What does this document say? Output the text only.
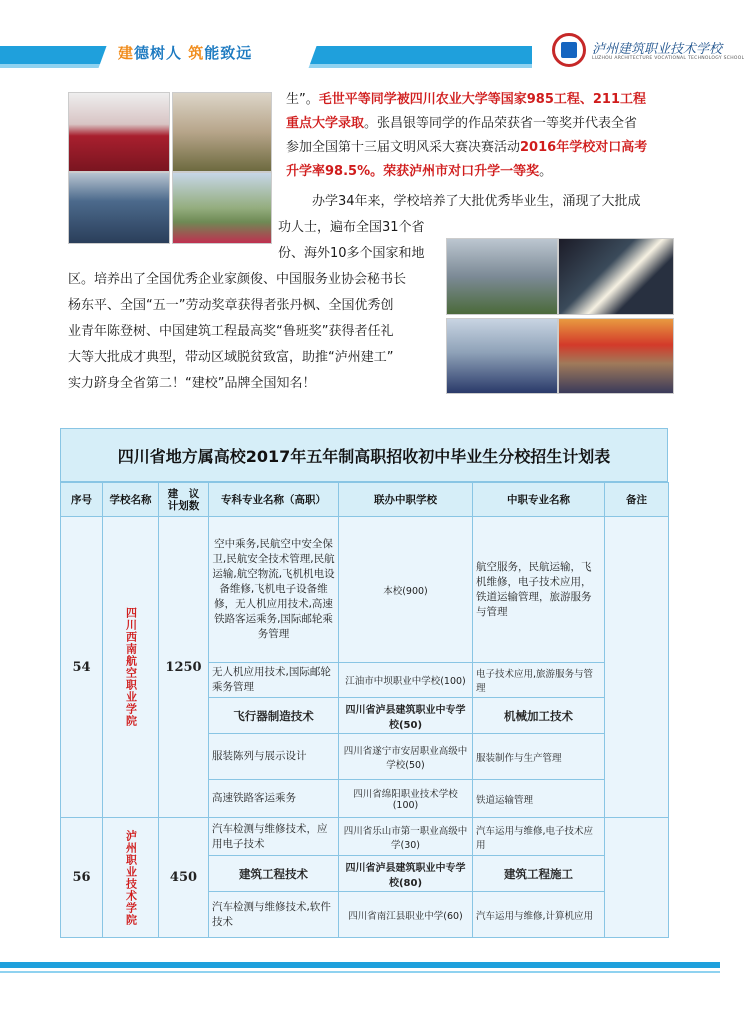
建德树人 筑能致远	泸州建筑职业技术学校
LUZHOU ARCHITECTURE VOCATIONAL TECHNOLOGY SCHOOL
生”。毛世平等同学被四川农业大学等国家985工程、211工程
重点大学录取。张昌银等同学的作品荣获省一等奖并代表全省
参加全国第十三届文明风采大赛决赛活动2016年学校对口高考
升学率98.5%。荣获泸州市对口升学一等奖。
办学34年来，学校培养了大批优秀毕业生，涌现了大批成
功人士，遍布全国31个省
份、海外10多个国家和地
区。培养出了全国优秀企业家颜俊、中国服务业协会秘书长
杨东平、全国“五一”劳动奖章获得者张丹枫、全国优秀创
业青年陈登树、中国建筑工程最高奖“鲁班奖”获得者任礼
大等大批成才典型，带动区域脱贫致富，助推“泸州建工”
实力跻身全省第二！“建校”品牌全国知名！
四川省地方属高校2017年五年制高职招收初中毕业生分校招生计划表
序号	学校名称	建　议
计划数	专科专业名称（高职）	联办中职学校	中职专业名称	备注
54	四川西南航空职业学院	1250	空中乘务,民航空中安全保卫,民航安全技术管理,民航运输,航空物流,飞机机电设备维修,飞机电子设备维修，无人机应用技术,高速铁路客运乘务,国际邮轮乘务管理	本校(900)	航空服务，民航运输，飞机维修，电子技术应用，铁道运输管理，旅游服务与管理	
			无人机应用技术,国际邮轮乘务管理	江油市中坝职业中学校(100)	电子技术应用,旅游服务与管理	
			飞行器制造技术	四川省泸县建筑职业中专学校(50)	机械加工技术	
			服装陈列与展示设计	四川省遂宁市安居职业高级中学校(50)	服装制作与生产管理	
			高速铁路客运乘务	四川省绵阳职业技术学校(100)	铁道运输管理	
56	泸州职业技术学院	450	汽车检测与维修技术，应用电子技术	四川省乐山市第一职业高级中学(30)	汽车运用与维修,电子技术应用	
			建筑工程技术	四川省泸县建筑职业中专学校(80)	建筑工程施工	
			汽车检测与维修技术,软件技术	四川省南江县职业中学(60)	汽车运用与维修,计算机应用	
